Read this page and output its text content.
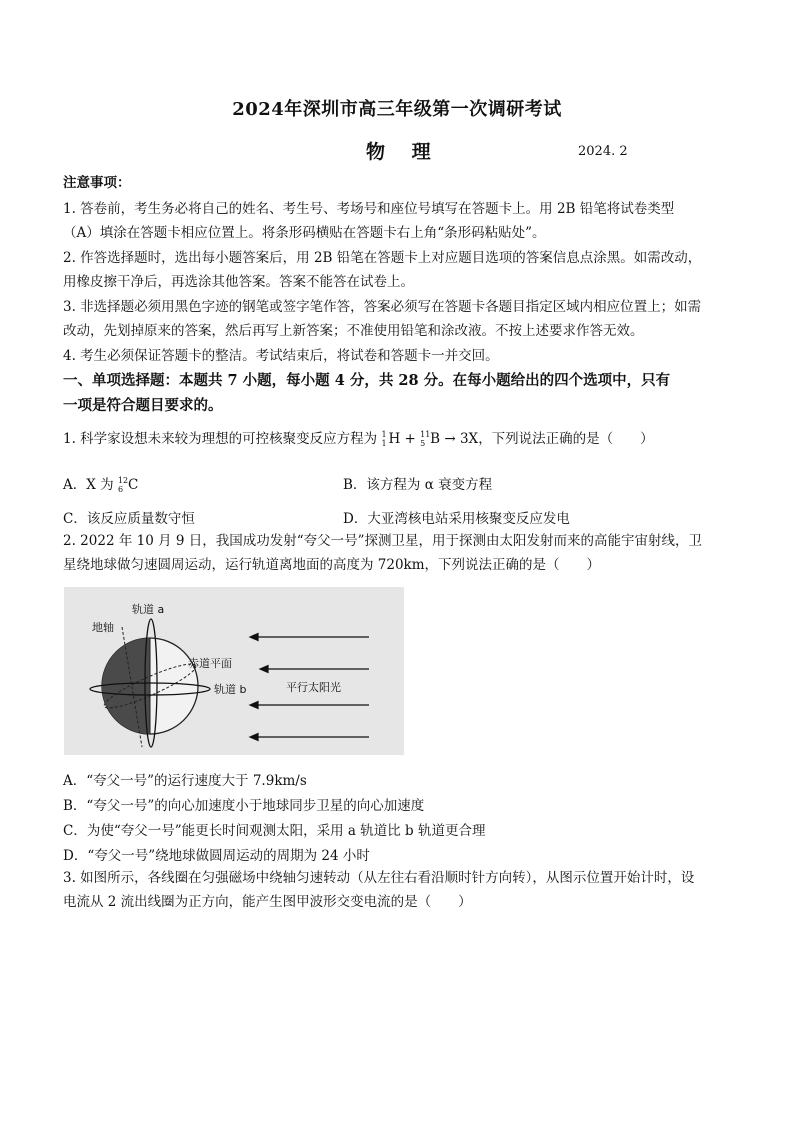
2024年深圳市高三年级第一次调研考试
物 理	2024. 2
注意事项：
1. 答卷前，考生务必将自己的姓名、考生号、考场号和座位号填写在答题卡上。用 2B 铅笔将试卷类型
（A）填涂在答题卡相应位置上。将条形码横贴在答题卡右上角“条形码粘贴处”。
2. 作答选择题时，选出每小题答案后，用 2B 铅笔在答题卡上对应题目选项的答案信息点涂黑。如需改动，
用橡皮擦干净后，再选涂其他答案。答案不能答在试卷上。
3. 非选择题必须用黑色字迹的钢笔或签字笔作答，答案必须写在答题卡各题目指定区域内相应位置上；如需
改动，先划掉原来的答案，然后再写上新答案；不准使用铅笔和涂改液。不按上述要求作答无效。
4. 考生必须保证答题卡的整洁。考试结束后，将试卷和答题卡一并交回。
一、单项选择题：本题共 7 小题，每小题 4 分，共 28 分。在每小题给出的四个选项中，只有
一项是符合题目要求的。
1. 科学家设想未来较为理想的可控核聚变反应方程为 1
1 H + 11
5 B → 3X，下列说法正确的是（　　）
A．X 为 12
6 C	B．该方程为 α 衰变方程
C．该反应质量数守恒	D．大亚湾核电站采用核聚变反应发电
2. 2022 年 10 月 9 日，我国成功发射“夸父一号”探测卫星，用于探测由太阳发射而来的高能宇宙射线，卫
星绕地球做匀速圆周运动，运行轨道离地面的高度为 720km，下列说法正确的是（　　）
轨道 a
地轴
赤道平面
轨道 b	平行太阳光
A．“夸父一号”的运行速度大于 7.9km/s
B．“夸父一号”的向心加速度小于地球同步卫星的向心加速度
C．为使“夸父一号”能更长时间观测太阳，采用 a 轨道比 b 轨道更合理
D．“夸父一号”绕地球做圆周运动的周期为 24 小时
3. 如图所示，各线圈在匀强磁场中绕轴匀速转动（从左往右看沿顺时针方向转），从图示位置开始计时，设
电流从 2 流出线圈为正方向，能产生图甲波形交变电流的是（　　）
